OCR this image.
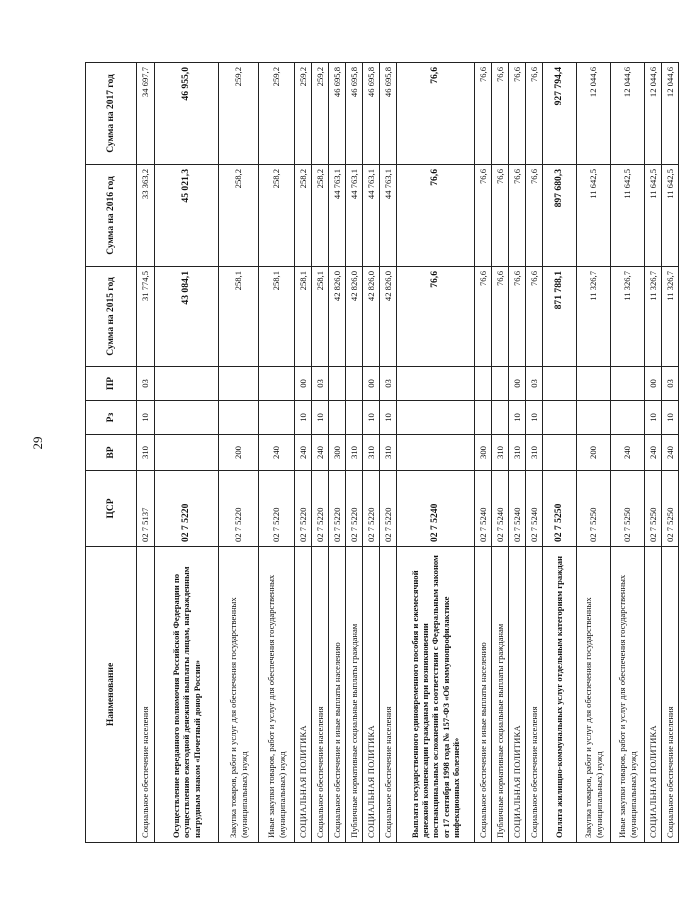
29
Наименование	ЦСР	ВР	Рз	ПР	Сумма на 2015 год	Сумма на 2016 год	Сумма на 2017 год
Социальное обеспечение населения	02 7 5137	310	10	03	31 774,5	33 363,2	34 697,7
Осуществление переданного полномочия Российской Федерации по осуществлению ежегодной денежной выплаты лицам, награжденным нагрудным знаком «Почетный донор России»	02 7 5220				43 084,1	45 021,3	46 955,0
Закупка товаров, работ и услуг для обеспечения государственных (муниципальных) нужд	02 7 5220	200			258,1	258,2	259,2
Иные закупки товаров, работ и услуг для обеспечения государственных (муниципальных) нужд	02 7 5220	240			258,1	258,2	259,2
СОЦИАЛЬНАЯ ПОЛИТИКА	02 7 5220	240	10	00	258,1	258,2	259,2
Социальное обеспечение населения	02 7 5220	240	10	03	258,1	258,2	259,2
Социальное обеспечение и иные выплаты населению	02 7 5220	300			42 826,0	44 763,1	46 695,8
Публичные нормативные социальные выплаты гражданам	02 7 5220	310			42 826,0	44 763,1	46 695,8
СОЦИАЛЬНАЯ ПОЛИТИКА	02 7 5220	310	10	00	42 826,0	44 763,1	46 695,8
Социальное обеспечение населения	02 7 5220	310	10	03	42 826,0	44 763,1	46 695,8
Выплата государственного единовременного пособия и ежемесячной денежной компенсации гражданам при возникновении поствакцинальных осложнений в соответствии с Федеральным законом от 17 сентября 1998 года № 157-ФЗ «Об иммунопрофилактике инфекционных болезней»	02 7 5240				76,6	76,6	76,6
Социальное обеспечение и иные выплаты населению	02 7 5240	300			76,6	76,6	76,6
Публичные нормативные социальные выплаты гражданам	02 7 5240	310			76,6	76,6	76,6
СОЦИАЛЬНАЯ ПОЛИТИКА	02 7 5240	310	10	00	76,6	76,6	76,6
Социальное обеспечение населения	02 7 5240	310	10	03	76,6	76,6	76,6
Оплата жилищно-коммунальных услуг отдельным категориям граждан	02 7 5250				871 788,1	897 680,3	927 794,4
Закупка товаров, работ и услуг для обеспечения государственных (муниципальных) нужд	02 7 5250	200			11 326,7	11 642,5	12 044,6
Иные закупки товаров, работ и услуг для обеспечения государственных (муниципальных) нужд	02 7 5250	240			11 326,7	11 642,5	12 044,6
СОЦИАЛЬНАЯ ПОЛИТИКА	02 7 5250	240	10	00	11 326,7	11 642,5	12 044,6
Социальное обеспечение населения	02 7 5250	240	10	03	11 326,7	11 642,5	12 044,6
